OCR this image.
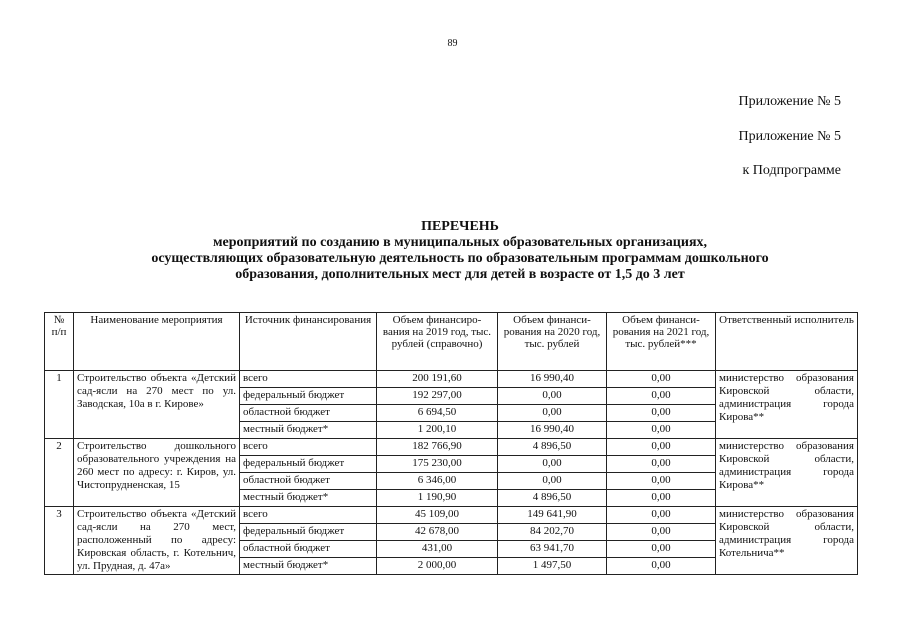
89
Приложение № 5
Приложение № 5
к Подпрограмме
ПЕРЕЧЕНЬ
мероприятий по созданию в муниципальных образовательных организациях,
осуществляющих образовательную деятельность по образовательным программам дошкольного
образования, дополнительных мест для детей в возрасте от 1,5 до 3 лет
№ п/п	Наименование мероприятия	Источник финансирования	Объем финансиро-вания на 2019 год, тыс. рублей (справочно)	Объем финанси-рования на 2020 год, тыс. рублей	Объем финанси-рования на 2021 год, тыс. рублей***	Ответственный исполнитель
1	Строительство объекта «Детский сад-ясли на 270 мест по ул. Заводская, 10а в г. Кирове»	всего	200 191,60	16 990,40	0,00	министерство образования Кировской области, администрация города Кирова**
		федеральный бюджет	192 297,00	0,00	0,00	
		областной бюджет	6 694,50	0,00	0,00	
		местный бюджет*	1 200,10	16 990,40	0,00	
2	Строительство дошкольного образовательного учреждения на 260 мест по адресу: г. Киров, ул. Чистопрудненская, 15	всего	182 766,90	4 896,50	0,00	министерство образования Кировской области, администрация города Кирова**
		федеральный бюджет	175 230,00	0,00	0,00	
		областной бюджет	6 346,00	0,00	0,00	
		местный бюджет*	1 190,90	4 896,50	0,00	
3	Строительство объекта «Детский сад-ясли на 270 мест, расположенный по адресу: Кировская область, г. Котельнич, ул. Прудная, д. 47а»	всего	45 109,00	149 641,90	0,00	министерство образования Кировской области, администрация города Котельнича**
		федеральный бюджет	42 678,00	84 202,70	0,00	
		областной бюджет	431,00	63 941,70	0,00	
		местный бюджет*	2 000,00	1 497,50	0,00	
